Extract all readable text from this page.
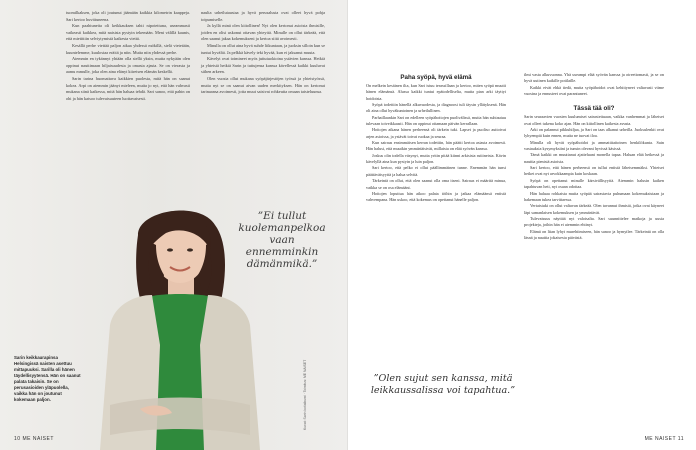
tuomilkaksen, joka oli joutunut jäämään kaikkia kilometrin kaappeja. Sari kertoo huvittuneena.

Kun paahtuneita oli keikkauksen tahti nipotettuna, useammasti vaikeasti kaikkea, mitä naisista pystyin tekemään. Meni välillä kaunis, että mietittiin selviytymistä kaikesta viettä.

Kesällä perhe viettää paljon aikaa yhdessä mökillä, sielä vietetään, kuuntelemme, kuulostaa eräitä ja niin. Mutta niin yhdessä perhe.

Aiemmin en tykännyt yhtään olla siellä yksin, mutta nykyään olen oppinut nauttimaan hiljaisuudesta ja omasta ajasta. Se on vierasta ja aamu mmulle, joka olen aina elänyt kiireisen elämän keskellä.

Sarin tarina huomattava kaikkien puolesta, mitä hän on saanut kokea. Arpi on aiemmin jäänyt mieleen, mutta jo nyt, että hän vahvasti mukana siinä kaikessa, mitä hän haluaa tehdä. Sari sanoo, että pahin on ohi ja hän katsoo tulevaisuuteen luottavaisesti.

naulta urheilutaustaa ja hyvä perusalusta ovat olleet hyvä pohja toipumiselle.

Ja kyllä minä olen kiitollinen! Nyt olen kertonut asioista ihmisille, joiden en olisi uskonut ottavan yhteyttä. Minulle on ollut tärkeää, että olen saanut jakaa kokemukseni ja kertoa siitä avoimesti.

Minulla on ollut aina hyvä suhde liikuntaan, ja juoksin silloin kun se tuntui hyvältä. Ja pelkkä kävely teki hyvää, kun ei jaksanut muuta.

Kävelyt ovat toimineet myös juttutuokioina ystävien kanssa. Hetkiä ja yhteisiä hetkiä Sarin ja tuttujensa kanssa kävellessä kaikki kuuluvat siihen arkeen.

Olen vuosia ollut mukana syöpäjärjestöjen työssä ja yhteistyössä, mutta nyt se on saanut aivan uuden merkityksen. Hän on kertonut tarinaansa avoimesti, jotta muut saisivat rohkeutta omaan taisteluunsa.

”Ei tullut kuolemanpelkoa vaan ennemminkin dämänmikä.”
Sarin keikkaurapinsa Helsingissä naisten asettuu mittapuuksi. Sarilla oli hänen täydellisyytensä. Hän on saanut palata takaisin. Se on perusasioiden yläpuolella, vaikka hän on joutunut kokemaan paljon.	Kuvat: Sarin kotialbumi · Toimitus: ME NAISET
10 ME NAISET
Paha syöpä, hyvä elämä

On melkein kesäinen ilta, kun Sari istuu terassillaan ja kertoo, miten syöpä muutti hänen elämänsä. Alussa kaikki tuntui epätodelliselta, mutta pian arki täyttyi hoidoista.

Syöpä todettiin hänellä alkuvuodesta, ja diagnoosi tuli täysin yllätyksenä. Hän oli aina ollut hyväkuntoinen ja urheilullinen.

Parhaillaankin Sari on edelleen syöpähoitojen puolivälissä, mutta hän suhtautuu tulevaan toiveikkaasti. Hän on oppinut ottamaan päivän kerrallaan.

Hoitojen aikana hänen perheensä oli tärkein tuki. Lapset ja puoliso auttoivat arjen asioissa, ja ystävät toivat ruokaa ja seuraa.

Kun sairaus ensimmäisen kerran todettiin, hän päätti kertoa asiasta avoimesti. Hän halusi, että muutkin ymmärtäisivät, millaista on elää syövän kanssa.

Joskus olin todella väsynyt, mutta yritin pitää kiinni arkisista rutiineista. Kävin kävelyllä aina kun pystyin ja luin paljon.

Sari kertoo, että pelko ei ollut päällimmäinen tunne. Enemmän hän tunsi päättäväisyyttä ja halua selvitä.

Tärkeintä on ollut, että olen saanut olla oma itseni. Sairaus ei määritä minua, vaikka se on osa elämääni.

Hoitojen loputtua hän aikoo palata töihin ja jatkaa elämäänsä entistä vahvempana. Hän uskoo, että kokemus on opettanut hänelle paljon.

”Olen sujut sen kanssa, mitä leikkaussalissa voi tapahtua.”

ilmi vasta alkuvuonna. Yhä useampi elää syövän kanssa ja oireettomasti, ja se on hyvä uutinen kaikille potilaille.

Kaikki eivät ehkä tiedä, mutta syöpähoidot ovat kehittyneet valtavasti viime vuosina ja ennusteet ovat parantuneet.

Tässä tää oli?

Sarin seuraavien vuosien kuulumiset sairastettuaan, vaikka vanhemmat ja läheiset ovat olleet tukena koko ajan. Hän on kiitollinen kaikesta avusta.

Arki on palannut pikkuhiljaa, ja Sari on taas alkanut urheilla. Juoksulenkit ovat lyhyempiä kuin ennen, mutta ne tuovat iloa.

Minulla oli hyvät syöpähoidot ja ammattitaitoinen henkilökunta. Sain vastauksia kysymyksiini ja tunsin olevani hyvissä käsissä.

Tämä kaikki on muuttanut ajatteluani monella tapaa. Haluan elää hetkessä ja nauttia pienistä asioista.

Sari kertoo, että hänen perheensä on tullut entistä läheisemmäksi. Yhteiset hetket ovat nyt arvokkaampia kuin koskaan.

Syöpä on opettanut minulle kärsivällisyyttä. Aiemmin halusin kaiken tapahtuvan heti, nyt osaan odottaa.

Hän haluaa rohkaista muita syöpää sairastavia puhumaan kokemuksistaan ja hakemaan tukea tarvittaessa.

Vertaistuki on ollut valtavan tärkeää. Olen tavannut ihmisiä, jotka ovat käyneet läpi samanlaisen kokemuksen ja ymmärtävät.

Tulevaisuus näyttää nyt valoisalta. Sari suunnittelee matkoja ja uusia projekteja, joihin hän ei aiemmin ehtinyt.

Elämä on liian lyhyt murehtimiseen, hän sanoo ja hymyilee. Tärkeintä on olla läsnä ja nauttia jokaisesta päivästä.

ME NAISET 11
